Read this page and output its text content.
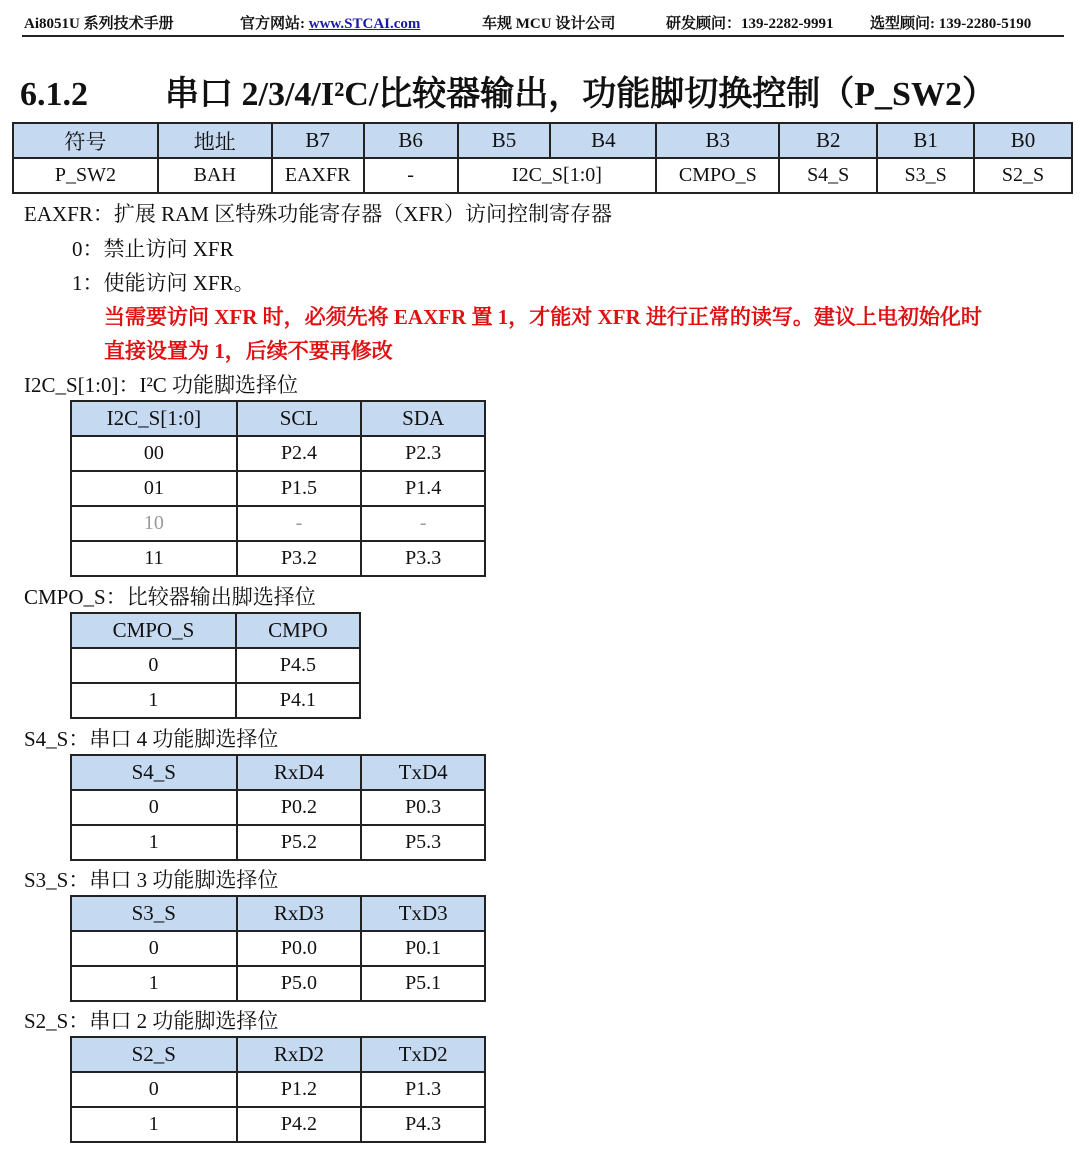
Ai8051U 系列技术手册	官方网站: www.STCAI.com	车规 MCU 设计公司	研发顾问：139-2282-9991 选型顾问: 139-2280-5190
6.1.2 串口 2/3/4/I²C/比较器输出，功能脚切换控制（P_SW2）
符号	地址	B7	B6	B5	B4	B3	B2	B1	B0
P_SW2	BAH	EAXFR	-	I2C_S[1:0]		CMPO_S	S4_S	S3_S	S2_S
EAXFR：扩展 RAM 区特殊功能寄存器（XFR）访问控制寄存器
0：禁止访问 XFR
1：使能访问 XFR。
当需要访问 XFR 时，必须先将 EAXFR 置 1，才能对 XFR 进行正常的读写。建议上电初始化时
直接设置为 1，后续不要再修改
I2C_S[1:0]：I²C 功能脚选择位
I2C_S[1:0]	SCL	SDA
00	P2.4	P2.3
01	P1.5	P1.4
10	-	-
11	P3.2	P3.3
CMPO_S：比较器输出脚选择位
CMPO_S	CMPO
0	P4.5
1	P4.1
S4_S：串口 4 功能脚选择位
S4_S	RxD4	TxD4
0	P0.2	P0.3
1	P5.2	P5.3
S3_S：串口 3 功能脚选择位
S3_S	RxD3	TxD3
0	P0.0	P0.1
1	P5.0	P5.1
S2_S：串口 2 功能脚选择位
S2_S	RxD2	TxD2
0	P1.2	P1.3
1	P4.2	P4.3
